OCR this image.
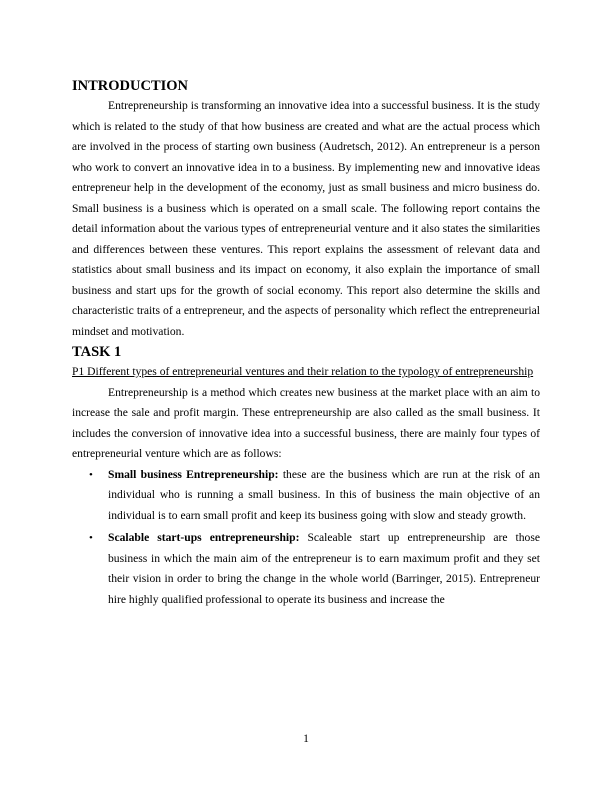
INTRODUCTION

Entrepreneurship is transforming an innovative idea into a successful business. It is the study which is related to the study of that how business are created and what are the actual process which are involved in the process of starting own business (Audretsch, 2012). An entrepreneur is a person who work to convert an innovative idea in to a business. By implementing new and innovative ideas entrepreneur help in the development of the economy, just as small business and micro business do. Small business is a business which is operated on a small scale. The following report contains the detail information about the various types of entrepreneurial venture and it also states the similarities and differences between these ventures. This report explains the assessment of relevant data and statistics about small business and its impact on economy, it also explain the importance of small business and start ups for the growth of social economy. This report also determine the skills and characteristic traits of a entrepreneur, and the aspects of personality which reflect the entrepreneurial mindset and motivation.

TASK 1

P1 Different types of entrepreneurial ventures and their relation to the typology of entrepreneurship

Entrepreneurship is a method which creates new business at the market place with an aim to increase the sale and profit margin. These entrepreneurship are also called as the small business. It includes the conversion of innovative idea into a successful business, there are mainly four types of entrepreneurial venture which are as follows:

• Small business Entrepreneurship: these are the business which are run at the risk of an individual who is running a small business. In this of business the main objective of an individual is to earn small profit and keep its business going with slow and steady growth.
• Scalable start-ups entrepreneurship: Scaleable start up entrepreneurship are those business in which the main aim of the entrepreneur is to earn maximum profit and they set their vision in order to bring the change in the whole world (Barringer, 2015). Entrepreneur hire highly qualified professional to operate its business and increase the
1
